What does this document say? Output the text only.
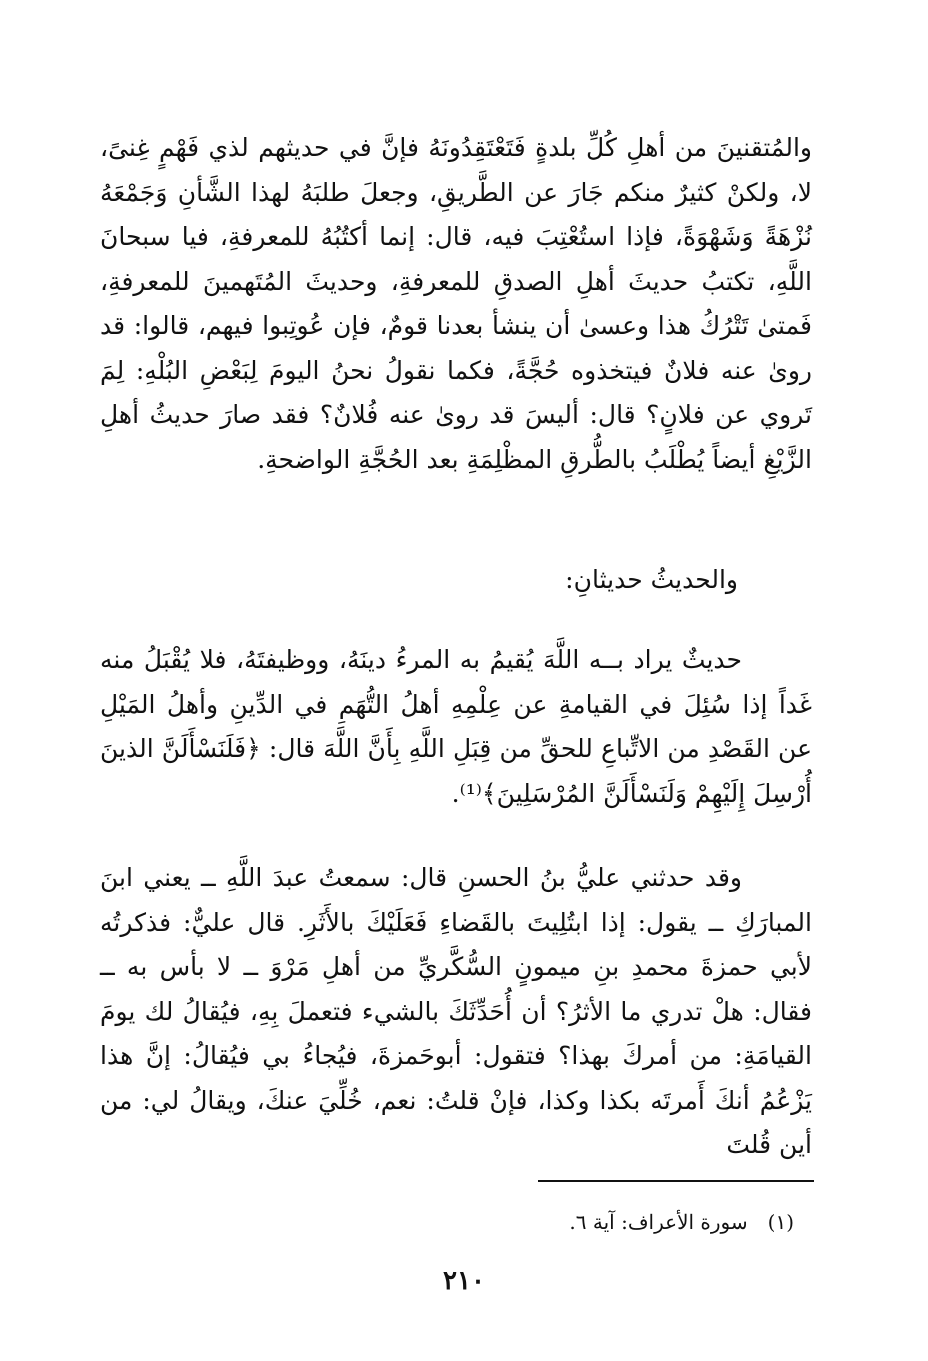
والمُتقنينَ من أهلِ كُلِّ بلدةٍ فَتَعْتَقِدُونَهُ فإنَّ في حديثهم لذي فَهْمٍ غِنىً، لا، ولكنْ كثيرٌ منكم جَارَ عن الطَّريقِ، وجعلَ طلبَهُ لهذا الشَّأنِ وَجَمْعَهُ نُزْهَةً وَشَهْوَةً، فإذا استُعْتِبَ فيه، قال: إنما أكتُبُهُ للمعرفةِ، فيا سبحانَ اللَّهِ، تكتبُ حديثَ أهلِ الصدقِ للمعرفةِ، وحديثَ المُتَهمينَ للمعرفةِ، فَمتىٰ تَتْرُكُ هذا وعسىٰ أن ينشأ بعدنا قومٌ، فإن عُوتِبوا فيهم، قالوا: قد روىٰ عنه فلانٌ فيتخذوه حُجَّةً، فكما نقولُ نحنُ اليومَ لِبَعْضِ البُلْهِ: لِمَ تَروي عن فلانٍ؟ قال: أليسَ قد روىٰ عنه فُلانٌ؟ فقد صارَ حديثُ أهلِ الزَّيْغِ أيضاً يُطْلَبُ بالطُّرقِ المظْلِمَةِ بعد الحُجَّةِ الواضحةِ.
والحديثُ حديثانِ:
حديثٌ يراد بــه اللَّهَ يُقيمُ به المرءُ دينَهُ، ووظيفتَهُ، فلا يُقْبَلُ منه غَداً إذا سُئِلَ في القيامةِ عن عِلْمِهِ أهلُ التُّهَمِ في الدِّينِ وأهلُ المَيْلِ عن القَصْدِ من الاتِّباعِ للحقِّ من قِبَلِ اللَّهِ بِأَنَّ اللَّهَ قال: ﴿فَلَنَسْأَلَنَّ الذينَ أُرْسِلَ إِلَيْهِمْ وَلَنَسْأَلَنَّ المُرْسَلِينَ﴾⁽¹⁾.
وقد حدثني عليُّ بنُ الحسنِ قال: سمعتُ عبدَ اللَّهِ ــ يعني ابنَ المبارَكِ ــ يقول: إذا ابتُلِيتَ بالقَضاءِ فَعَلَيْكَ بالأَثَرِ. قال عليٌّ: فذكرتُه لأبي حمزةَ محمدِ بنِ ميمونٍ السُّكَّريِّ من أهلِ مَرْوَ ــ لا بأس به ــ فقال: هلْ تدري ما الأثرُ؟ أن أُحَدِّثَكَ بالشيء فتعملَ بِهِ، فيُقالُ لك يومَ القيامَةِ: من أمركَ بهذا؟ فتقول: أبوحَمزةَ، فيُجاءُ بي فيُقالُ: إنَّ هذا يَزْعُمُ أنكَ أَمرتَه بكذا وكذا، فإنْ قلتُ: نعم، خُلِّيَ عنكَ، ويقالُ لي: من أين قُلتَ
(١)سورة الأعراف: آية ٦.
٢١٠
